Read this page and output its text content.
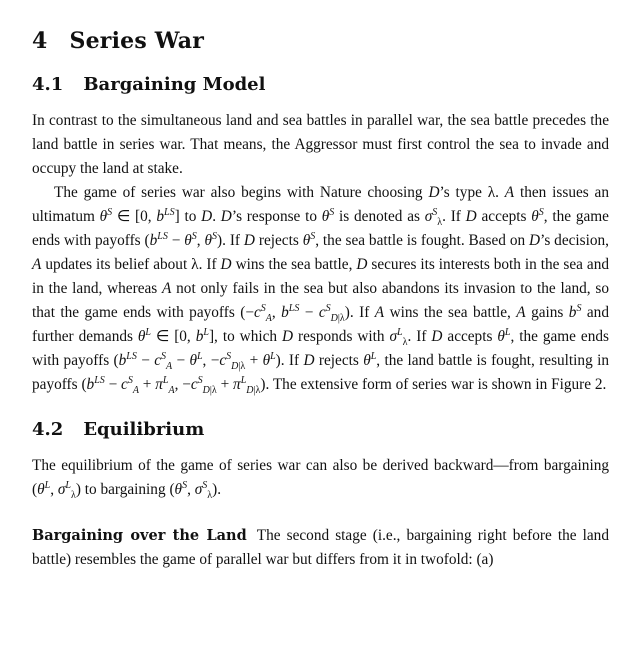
4 Series War
4.1 Bargaining Model

In contrast to the simultaneous land and sea battles in parallel war, the sea battle precedes the land battle in series war. That means, the Aggressor must first control the sea to invade and occupy the land at stake.

The game of series war also begins with Nature choosing D’s type λ. A then issues an ultimatum $\theta^S$ ∈ [0, $b^{LS}$] to D. D’s response to $\theta^S$ is denoted as $\sigma^S_\lambda$. If D accepts $\theta^S$, the game ends with payoffs ($b^{LS} - \theta^S$, $\theta^S$). If D rejects $\theta^S$, the sea battle is fought. Based on D’s decision, A updates its belief about λ. If D wins the sea battle, D secures its interests both in the sea and in the land, whereas A not only fails in the sea but also abandons its invasion to the land, so that the game ends with payoffs ($-c^S_A$, $b^{LS} - c^S_{D|\lambda}$). If A wins the sea battle, A gains $b^S$ and further demands $\theta^L$ ∈ [0, $b^L$], to which D responds with $\sigma^L_\lambda$. If D accepts $\theta^L$, the game ends with payoffs ($b^{LS} - c^S_A - \theta^L$, $-c^S_{D|\lambda} + \theta^L$). If D rejects $\theta^L$, the land battle is fought, resulting in payoffs ($b^{LS} - c^S_A + \pi^L_A$, $-c^S_{D|\lambda} + \pi^L_{D|\lambda}$). The extensive form of series war is shown in Figure 2.

4.2 Equilibrium

The equilibrium of the game of series war can also be derived backward—from bargaining ($\theta^L$, $\sigma^L_\lambda$) to bargaining ($\theta^S$, $\sigma^S_\lambda$).

Bargaining over the Land The second stage (i.e., bargaining right before the land battle) resembles the game of parallel war but differs from it in twofold: (a)
